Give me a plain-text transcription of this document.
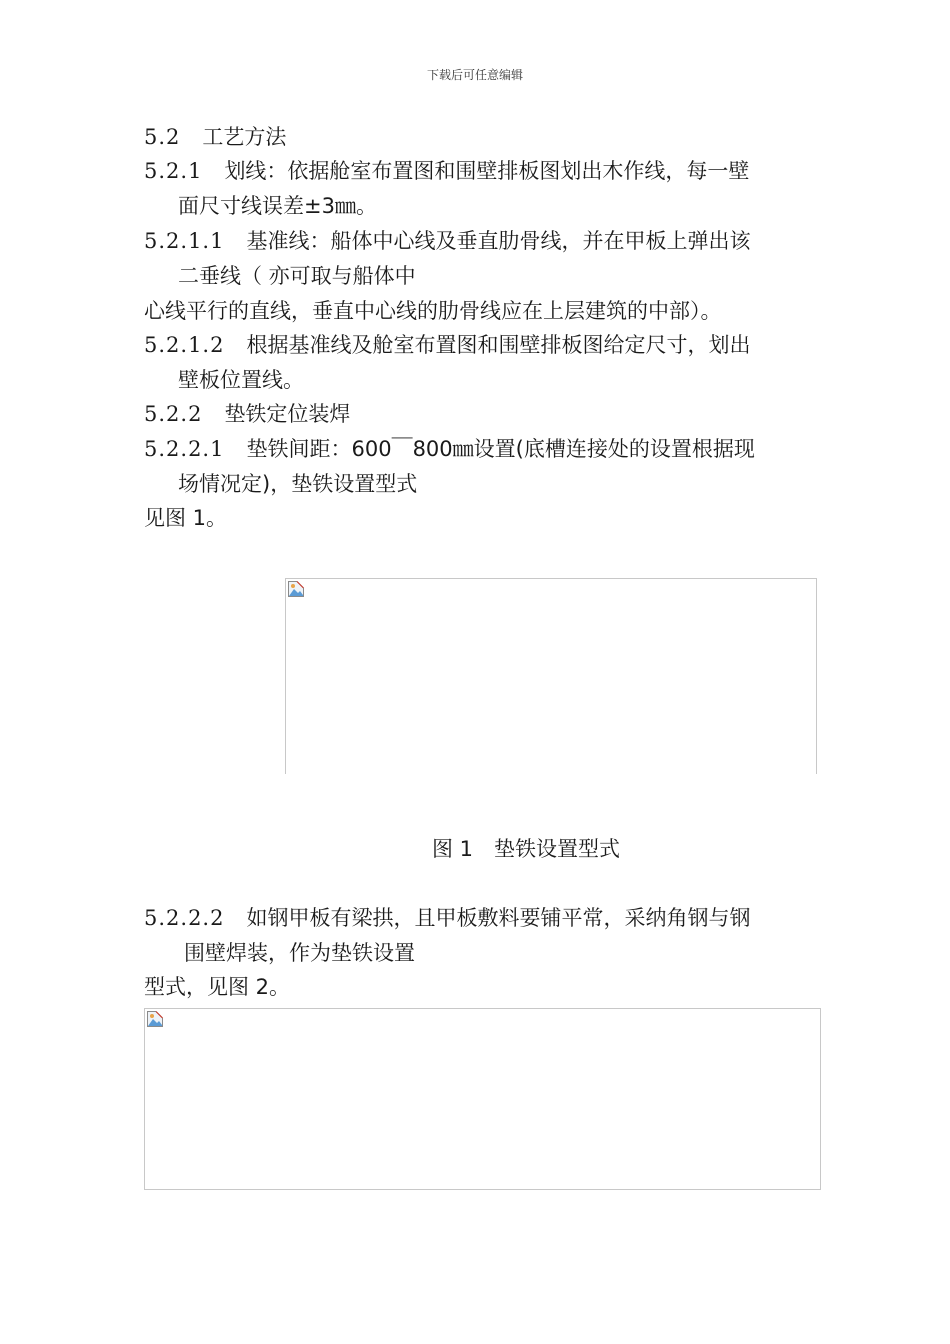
下载后可任意编辑
5.2 工艺方法
5.2.1 划线：依据舱室布置图和围壁排板图划出木作线，每一壁
面尺寸线误差±3㎜。
5.2.1.1 基准线：船体中心线及垂直肋骨线，并在甲板上弹出该
二垂线（ 亦可取与船体中
心线平行的直线，垂直中心线的肋骨线应在上层建筑的中部）。
5.2.1.2 根据基准线及舱室布置图和围壁排板图给定尺寸，划出
壁板位置线。
5.2.2 垫铁定位装焊
5.2.2.1 垫铁间距：600￣800㎜设置(底槽连接处的设置根据现
场情况定)，垫铁设置型式
见图 1。
图 1　垫铁设置型式
5.2.2.2 如钢甲板有梁拱，且甲板敷料要铺平常，采纳角钢与钢
围壁焊装，作为垫铁设置
型式，见图 2。
